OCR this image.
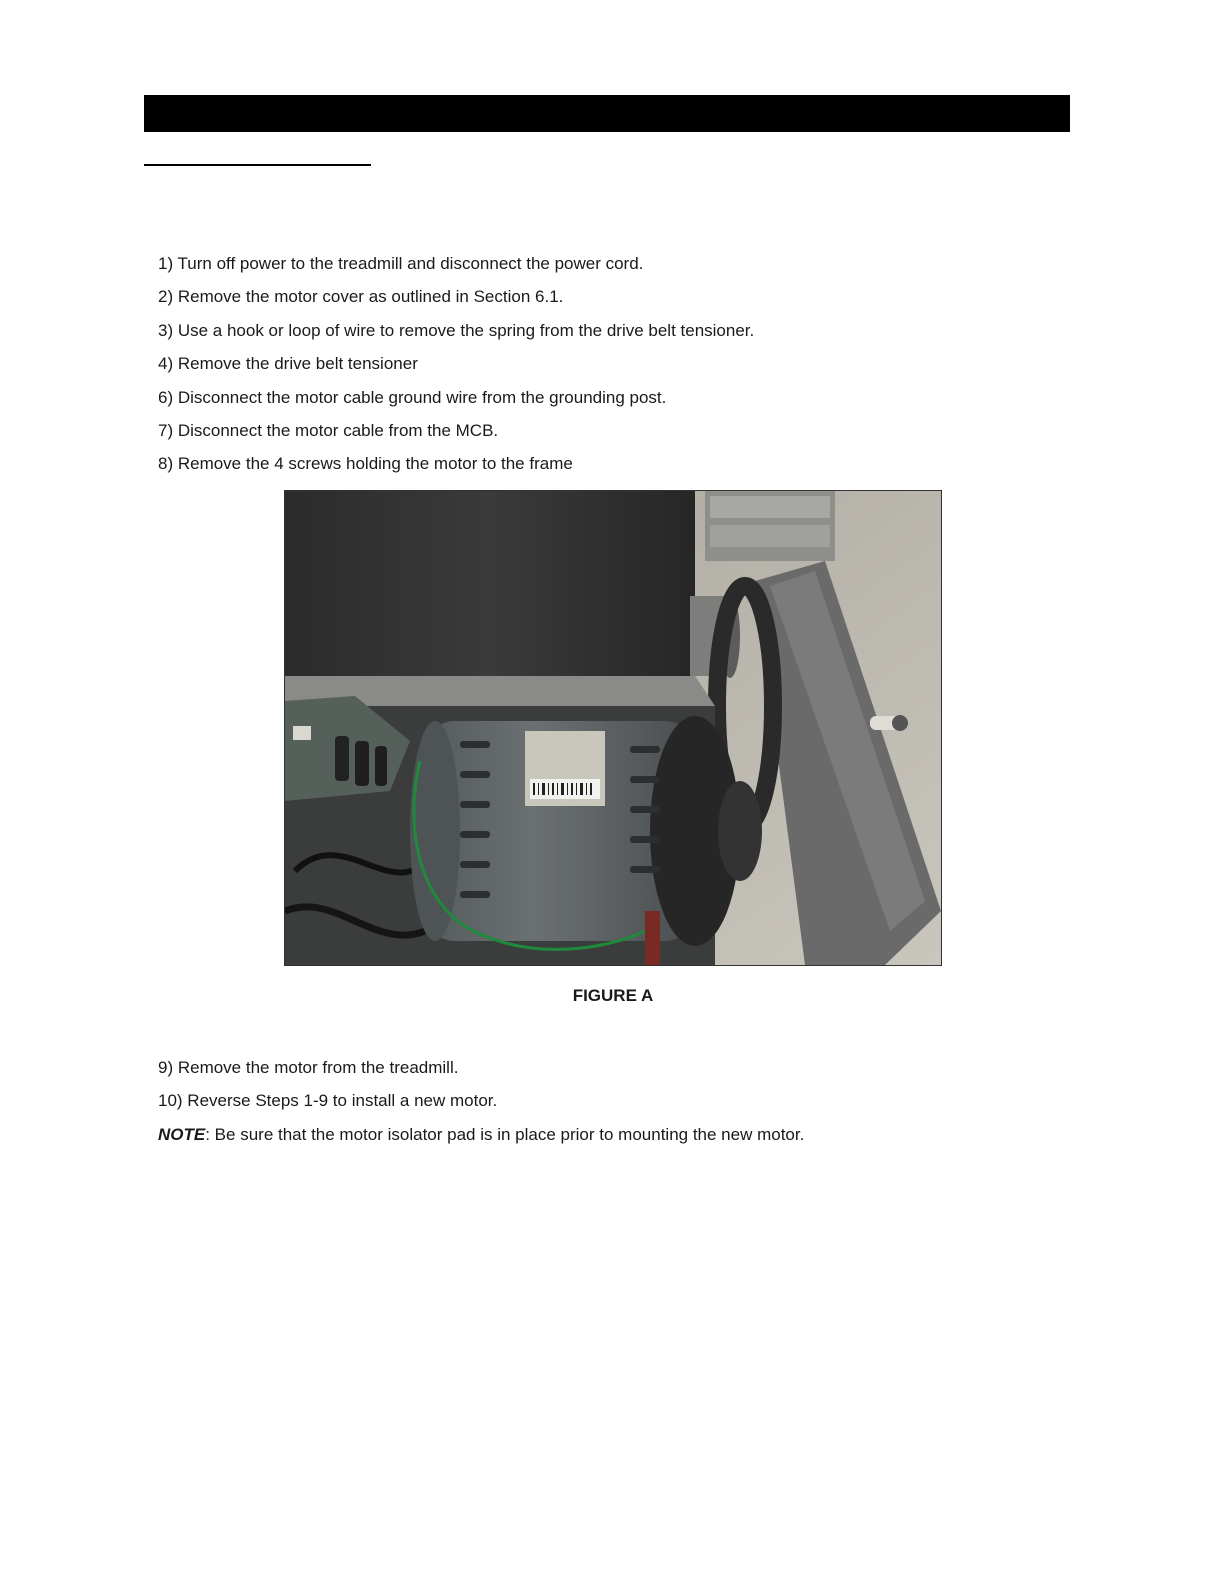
1) Turn off power to the treadmill and disconnect the power cord.
2) Remove the motor cover as outlined in Section 6.1.
3) Use a hook or loop of wire to remove the spring from the drive belt tensioner.
4) Remove the drive belt tensioner
6) Disconnect the motor cable ground wire from the grounding post.
7) Disconnect the motor cable from the MCB.
8) Remove the 4 screws holding the motor to the frame
FIGURE A
9) Remove the motor from the treadmill.
10) Reverse Steps 1-9 to install a new motor.
NOTE: Be sure that the motor isolator pad is in place prior to mounting the new motor.
